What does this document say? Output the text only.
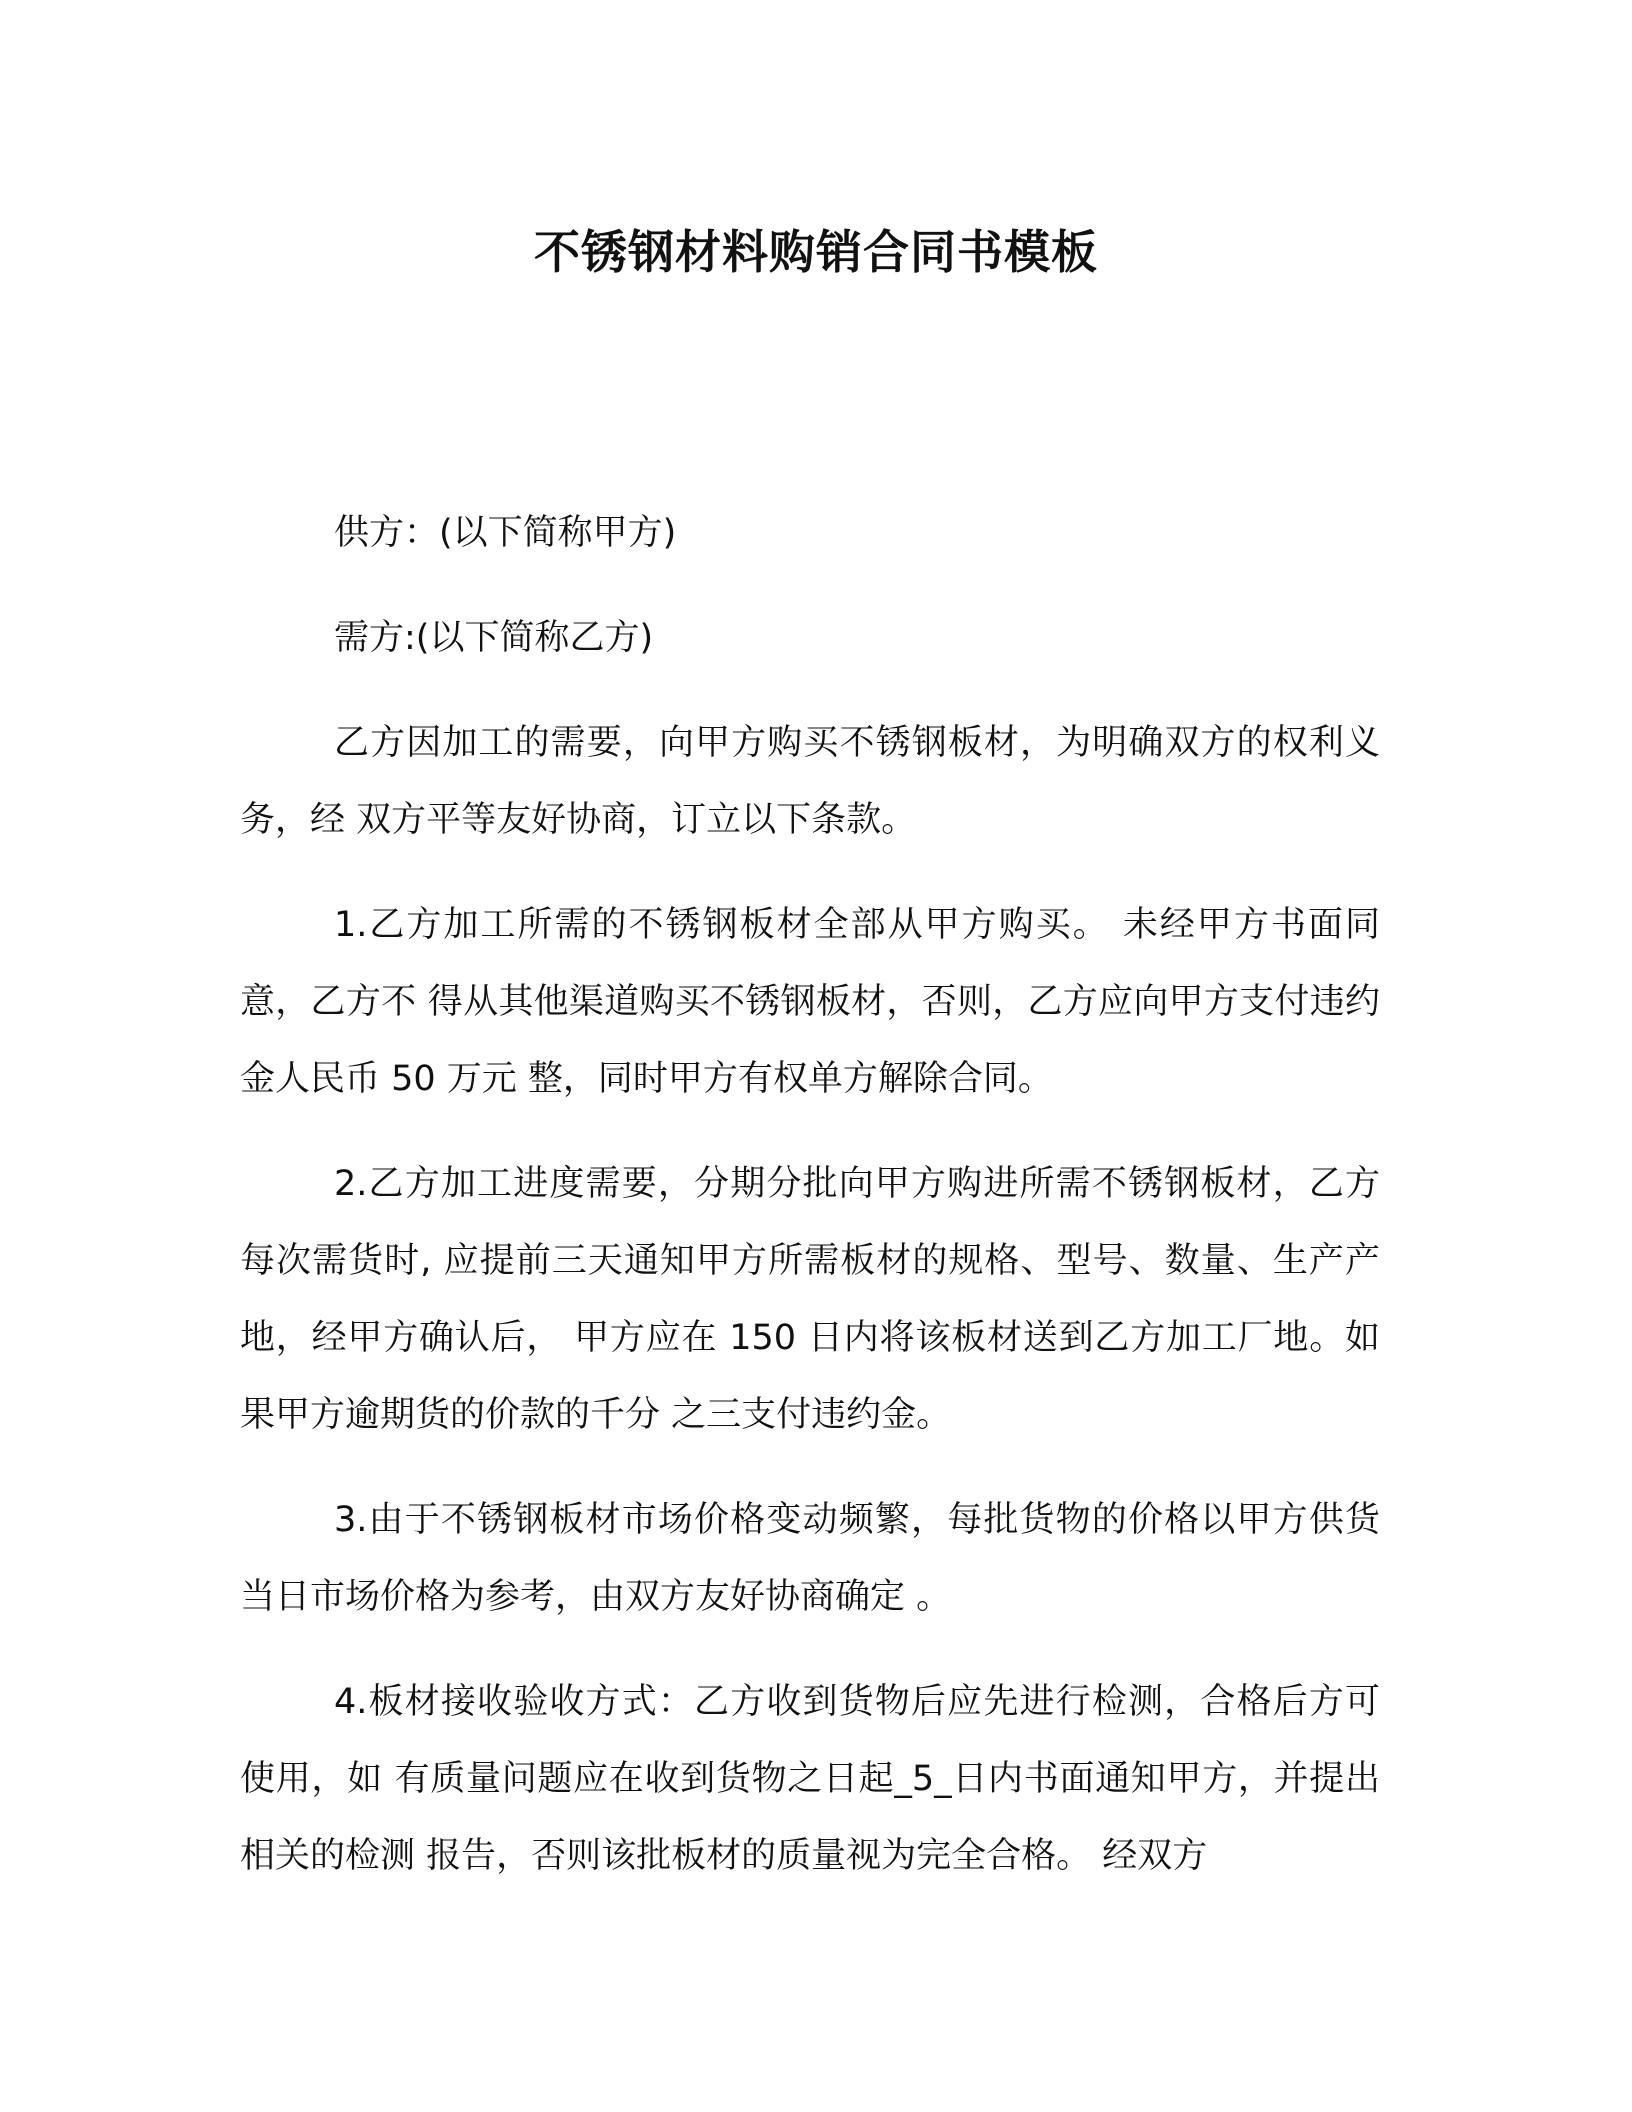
不锈钢材料购销合同书模板

供方：(以下简称甲方)

需方:(以下简称乙方)

乙方因加工的需要，向甲方购买不锈钢板材，为明确双方的权利义务，经 双方平等友好协商，订立以下条款。

1.乙方加工所需的不锈钢板材全部从甲方购买。 未经甲方书面同意，乙方不 得从其他渠道购买不锈钢板材，否则，乙方应向甲方支付违约金人民币 50 万元 整，同时甲方有权单方解除合同。

2.乙方加工进度需要，分期分批向甲方购进所需不锈钢板材，乙方每次需货时, 应提前三天通知甲方所需板材的规格、型号、数量、生产产地，经甲方确认后， 甲方应在 150 日内将该板材送到乙方加工厂地。如果甲方逾期货的价款的千分 之三支付违约金。

3.由于不锈钢板材市场价格变动频繁，每批货物的价格以甲方供货当日市场价格为参考，由双方友好协商确定 。

4.板材接收验收方式：乙方收到货物后应先进行检测，合格后方可使用，如 有质量问题应在收到货物之日起_5_日内书面通知甲方，并提出相关的检测 报告，否则该批板材的质量视为完全合格。 经双方
